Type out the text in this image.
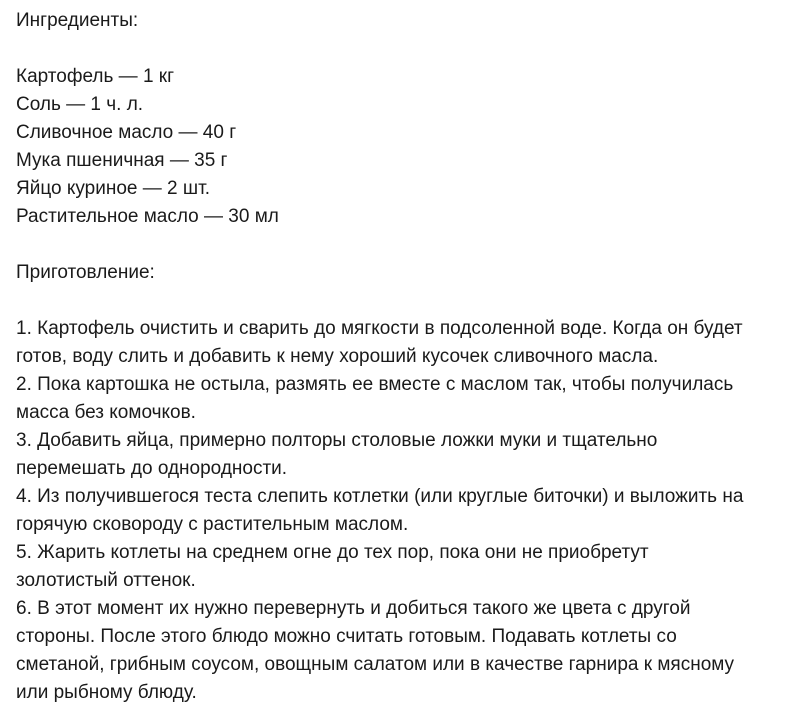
Ингредиенты:
Картофель — 1 кг
Соль — 1 ч. л.
Сливочное масло — 40 г
Мука пшеничная — 35 г
Яйцо куриное — 2 шт.
Растительное масло — 30 мл
Приготовление:
1. Картофель очистить и сварить до мягкости в подсоленной воде. Когда он будет
готов, воду слить и добавить к нему хороший кусочек сливочного масла.
2. Пока картошка не остыла, размять ее вместе с маслом так, чтобы получилась
масса без комочков.
3. Добавить яйца, примерно полторы столовые ложки муки и тщательно
перемешать до однородности.
4. Из получившегося теста слепить котлетки (или круглые биточки) и выложить на
горячую сковороду с растительным маслом.
5. Жарить котлеты на среднем огне до тех пор, пока они не приобретут
золотистый оттенок.
6. В этот момент их нужно перевернуть и добиться такого же цвета с другой
стороны. После этого блюдо можно считать готовым. Подавать котлеты со
сметаной, грибным соусом, овощным салатом или в качестве гарнира к мясному
или рыбному блюду.
